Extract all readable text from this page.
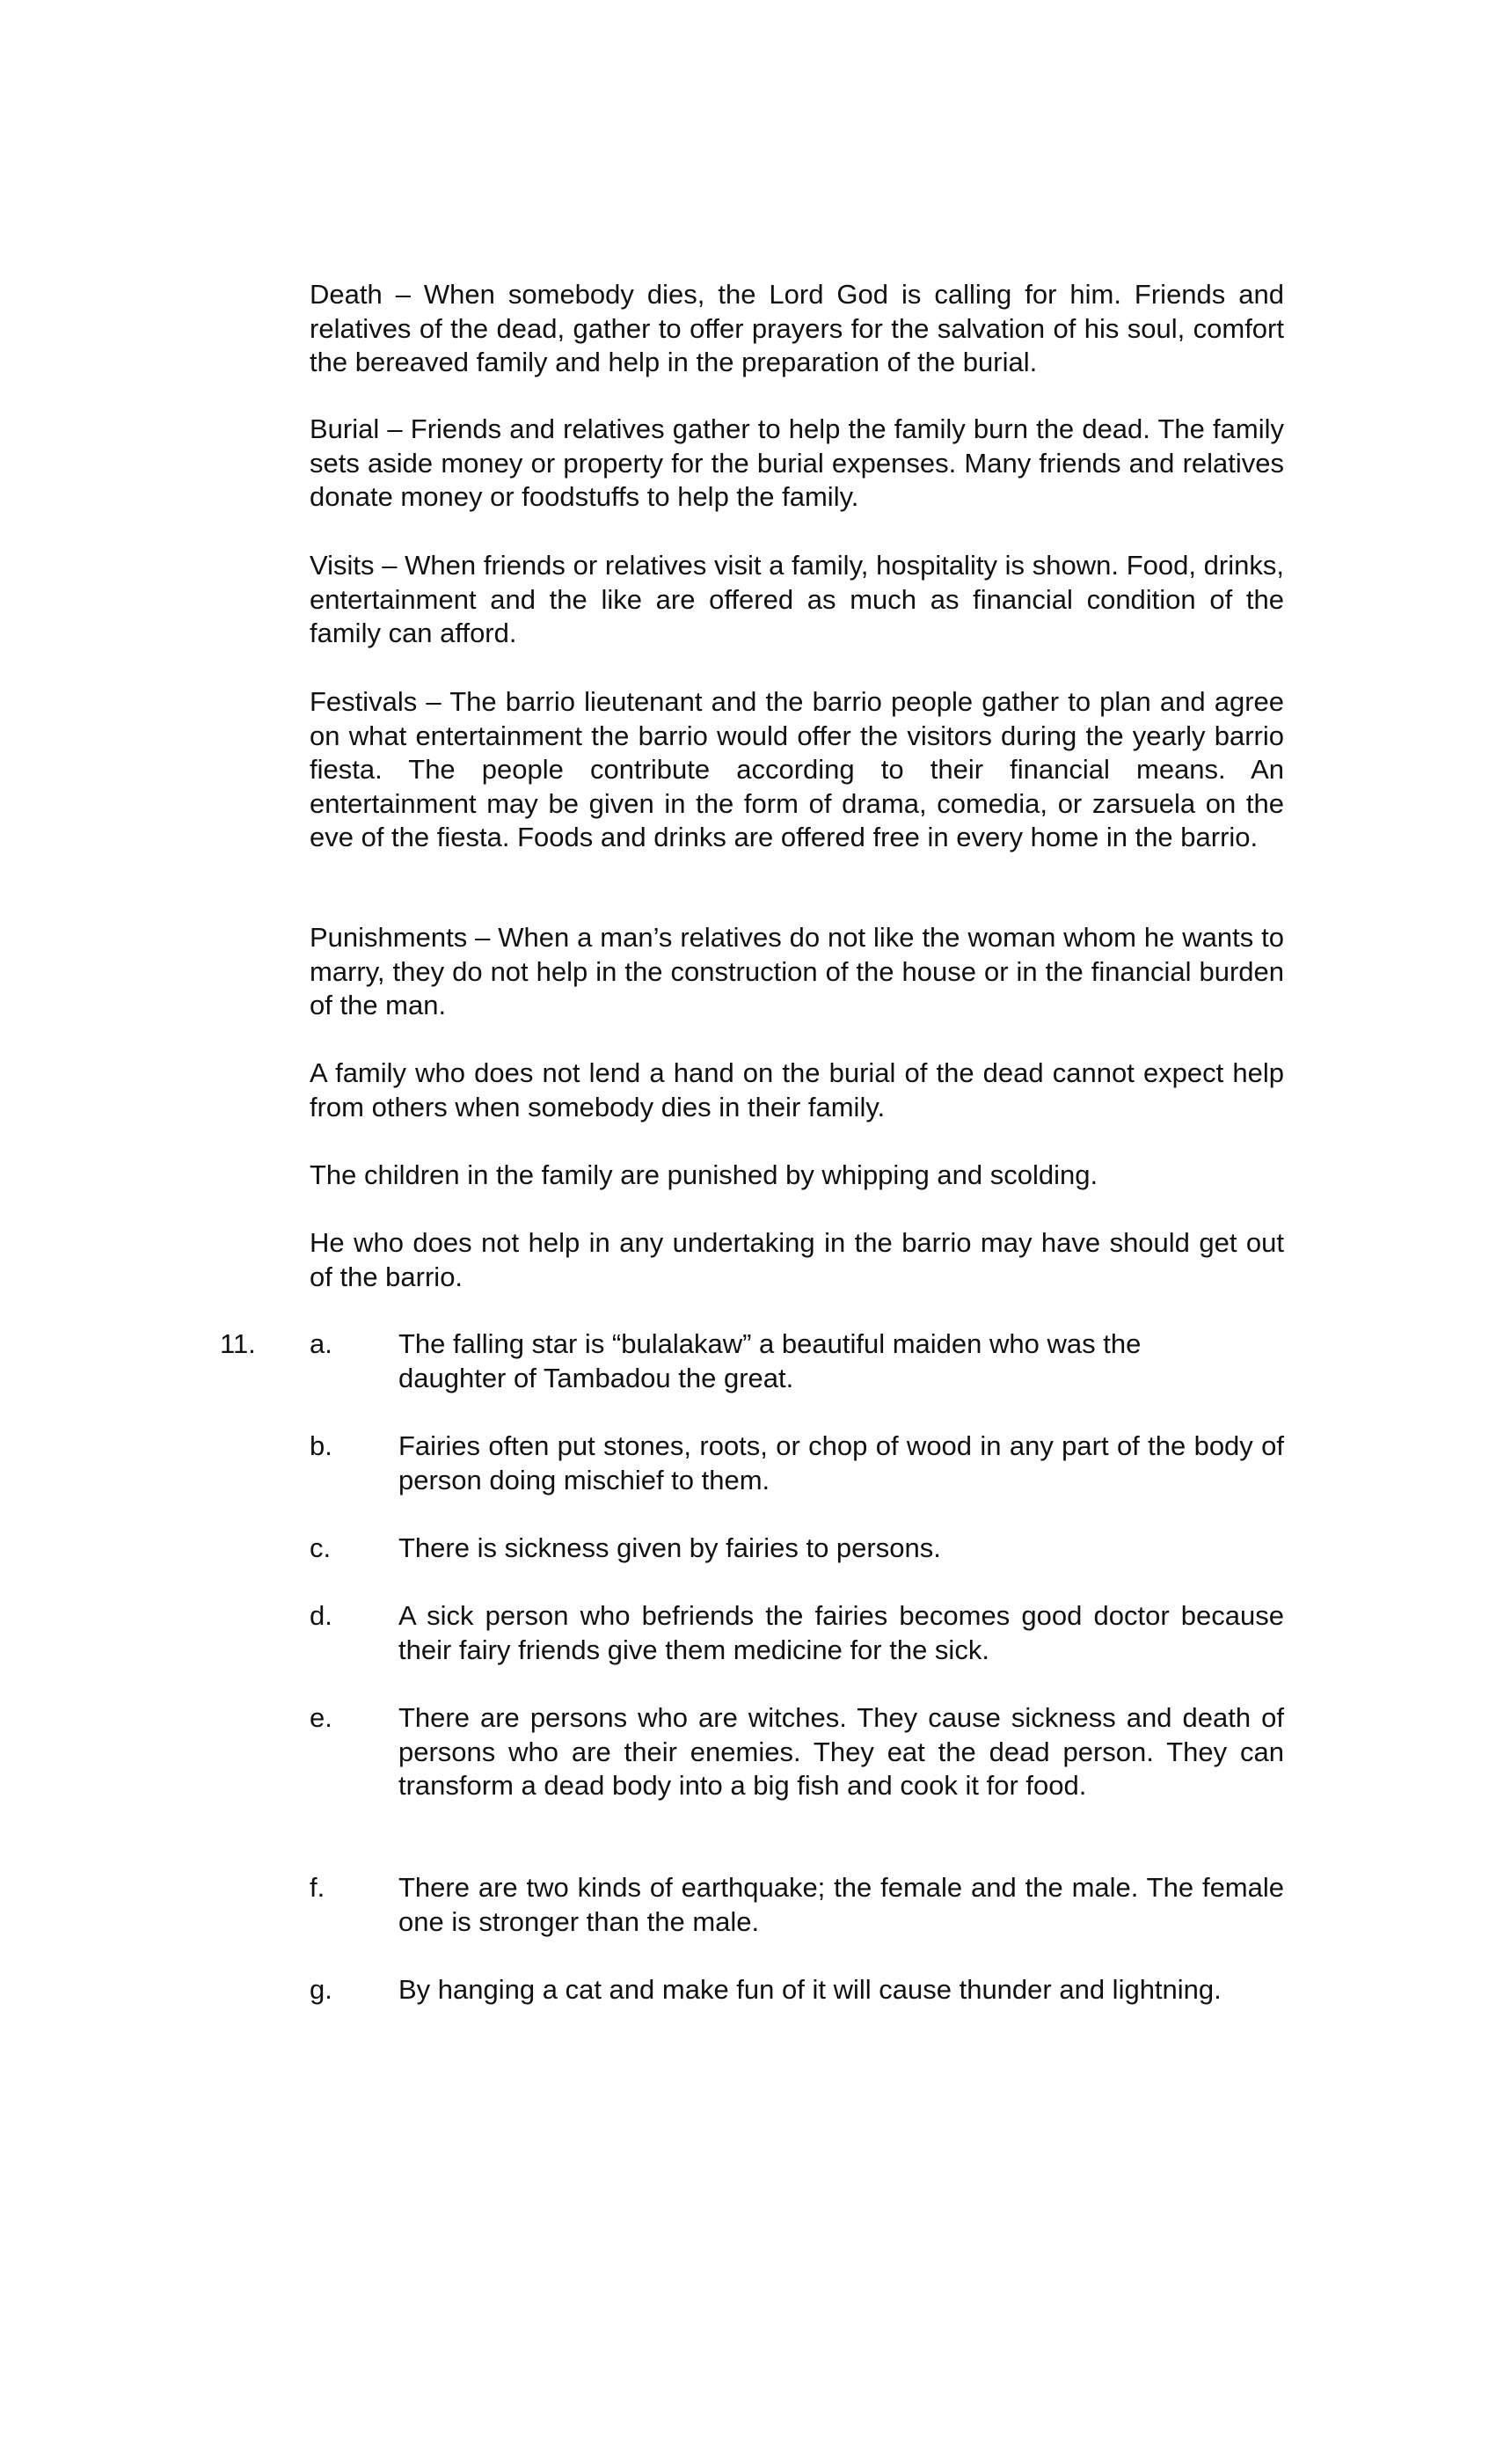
Death – When somebody dies, the Lord God is calling for him. Friends and relatives of the dead, gather to offer prayers for the salvation of his soul, comfort the bereaved family and help in the preparation of the burial.

Burial – Friends and relatives gather to help the family burn the dead. The family sets aside money or property for the burial expenses. Many friends and relatives donate money or foodstuffs to help the family.

Visits – When friends or relatives visit a family, hospitality is shown. Food, drinks, entertainment and the like are offered as much as financial condition of the family can afford.

Festivals – The barrio lieutenant and the barrio people gather to plan and agree on what entertainment the barrio would offer the visitors during the yearly barrio fiesta. The people contribute according to their financial means. An entertainment may be given in the form of drama, comedia, or zarsuela on the eve of the fiesta. Foods and drinks are offered free in every home in the barrio.

Punishments – When a man’s relatives do not like the woman whom he wants to marry, they do not help in the construction of the house or in the financial burden of the man.

A family who does not lend a hand on the burial of the dead cannot expect help from others when somebody dies in their family.

The children in the family are punished by whipping and scolding.

He who does not help in any undertaking in the barrio may have should get out of the barrio.

11. a.	The falling star is “bulalakaw” a beautiful maiden who was the daughter of Tambadou the great.
b.	Fairies often put stones, roots, or chop of wood in any part of the body of person doing mischief to them.
c.	There is sickness given by fairies to persons.
d.	A sick person who befriends the fairies becomes good doctor because their fairy friends give them medicine for the sick.
e.	There are persons who are witches. They cause sickness and death of persons who are their enemies. They eat the dead person. They can transform a dead body into a big fish and cook it for food.
f.	There are two kinds of earthquake; the female and the male. The female one is stronger than the male.
g.	By hanging a cat and make fun of it will cause thunder and lightning.
